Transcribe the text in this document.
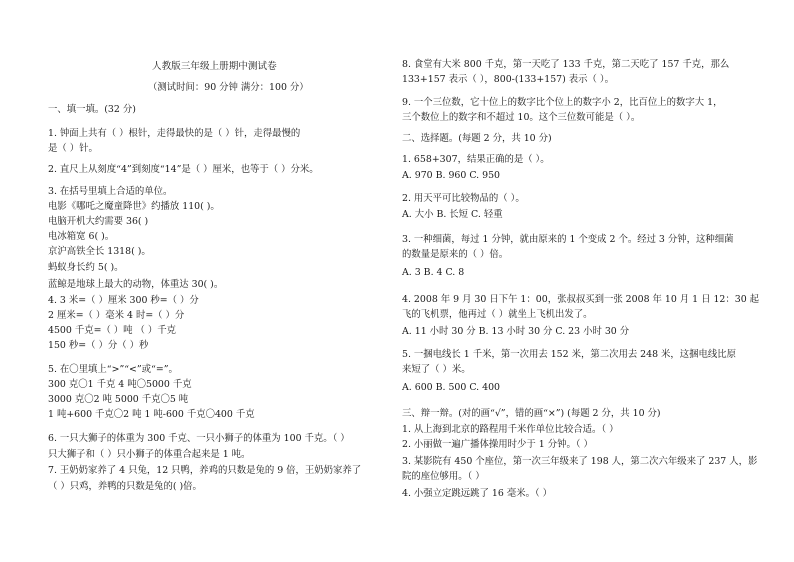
人教版三年级上册期中测试卷
（测试时间：90 分钟 满分：100 分）
一、填一填。(32 分)
1. 钟面上共有（ ）根针，走得最快的是（ ）针，走得最慢的
是（ ）针。
2. 直尺上从刻度“4”到刻度“14”是（ ）厘米，也等于（ ）分米。
3. 在括号里填上合适的单位。
电影《哪吒之魔童降世》约播放 110( )。
电脑开机大约需要 36( )
电冰箱宽 6( )。
京沪高铁全长 1318( )。
蚂蚁身长约 5( )。
蓝鲸是地球上最大的动物，体重达 30( )。
4. 3 米=（ ）厘米 300 秒=（ ）分
2 厘米=（ ）毫米 4 时=（ ）分
4500 千克=（ ）吨 （ ）千克
150 秒=（ ）分（ ）秒
5. 在〇里填上“>”“<”或“=”。
300 克〇1 千克 4 吨〇5000 千克
3000 克〇2 吨 5000 千克〇5 吨
1 吨+600 千克〇2 吨 1 吨-600 千克〇400 千克
6. 一只大狮子的体重为 300 千克、一只小狮子的体重为 100 千克。（ ）
只大狮子和（ ）只小狮子的体重合起来是 1 吨。
7. 王奶奶家养了 4 只兔，12 只鸭，养鸡的只数是兔的 9 倍，王奶奶家养了
（ ）只鸡，养鸭的只数是兔的( )倍。
8. 食堂有大米 800 千克，第一天吃了 133 千克，第二天吃了 157 千克，那么
133+157 表示（ ），800-(133+157) 表示（ ）。
9. 一个三位数，它十位上的数字比个位上的数字小 2，比百位上的数字大 1，
三个数位上的数字和不超过 10。这个三位数可能是（ ）。
二、选择题。(每题 2 分，共 10 分)
1. 658+307，结果正确的是（ ）。
A. 970 B. 960 C. 950
2. 用天平可比较物品的（ ）。
A. 大小 B. 长短 C. 轻重
3. 一种细菌，每过 1 分钟，就由原来的 1 个变成 2 个。经过 3 分钟，这种细菌
的数量是原来的（ ）倍。
A. 3 B. 4 C. 8
4. 2008 年 9 月 30 日下午 1：00，张叔叔买到一张 2008 年 10 月 1 日 12：30 起
飞的飞机票，他再过（ ）就坐上飞机出发了。
A. 11 小时 30 分 B. 13 小时 30 分 C. 23 小时 30 分
5. 一捆电线长 1 千米，第一次用去 152 米，第二次用去 248 米，这捆电线比原
来短了（ ）米。
A. 600 B. 500 C. 400
三、辩一辩。(对的画“√”，错的画“×”) (每题 2 分，共 10 分)
1. 从上海到北京的路程用千米作单位比较合适。（ ）
2. 小丽做一遍广播体操用时少于 1 分钟。（ ）
3. 某影院有 450 个座位，第一次三年级来了 198 人，第二次六年级来了 237 人，影
院的座位够用。（ ）
4. 小强立定跳远跳了 16 毫米。（ ）
